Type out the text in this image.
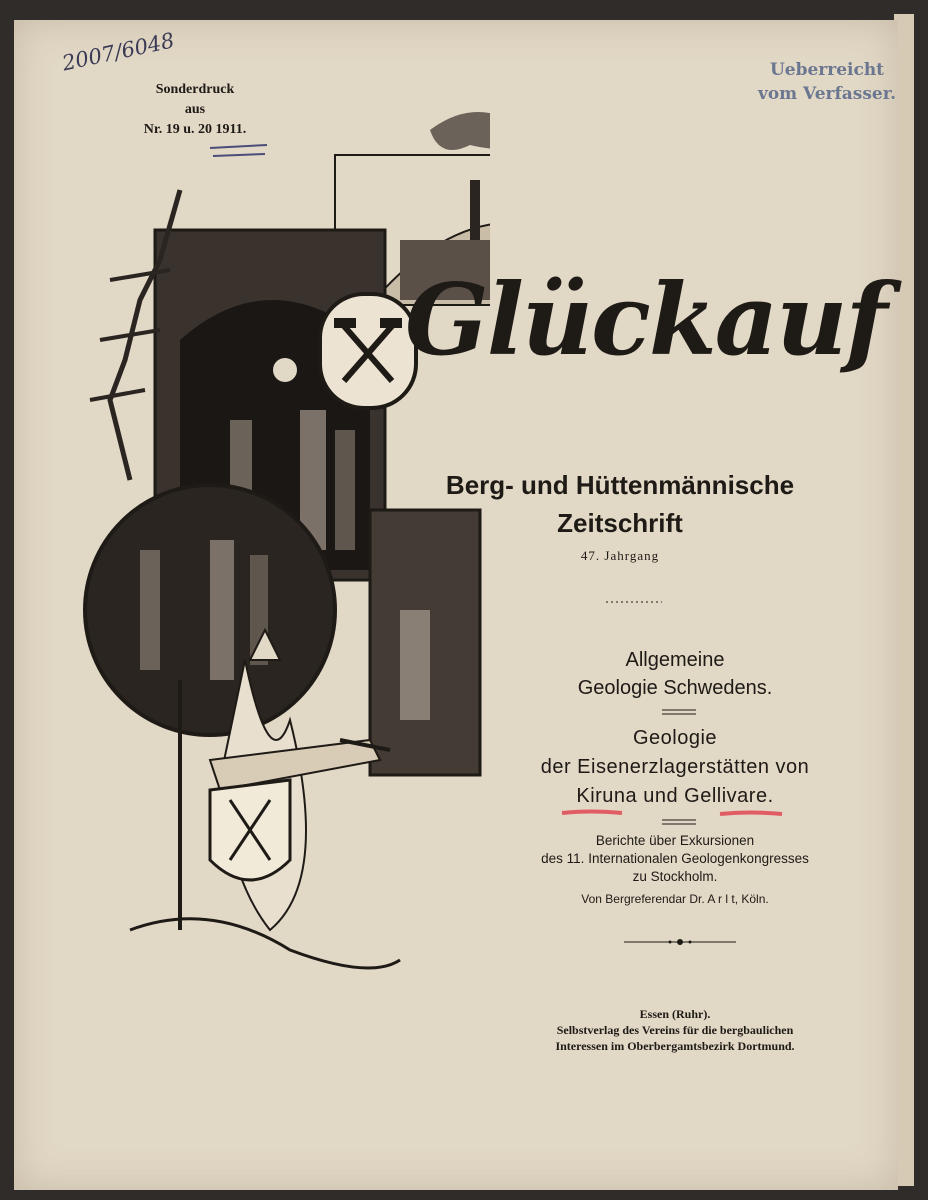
2007/6048
Sonderdruck
aus
Nr. 19 u. 20 1911.
Ueberreicht
vom Verfasser.
Glückauf
Berg- und Hüttenmännische
Zeitschrift
47. Jahrgang
Allgemeine
Geologie Schwedens.
Geologie
der Eisenerzlagerstätten von
Kiruna und Gellivare.
Berichte über Exkursionen
des 11. Internationalen Geologenkongresses
zu Stockholm.
Von Bergreferendar Dr. A r l t, Köln.
Essen (Ruhr).
Selbstverlag des Vereins für die bergbaulichen
Interessen im Oberbergamtsbezirk Dortmund.
